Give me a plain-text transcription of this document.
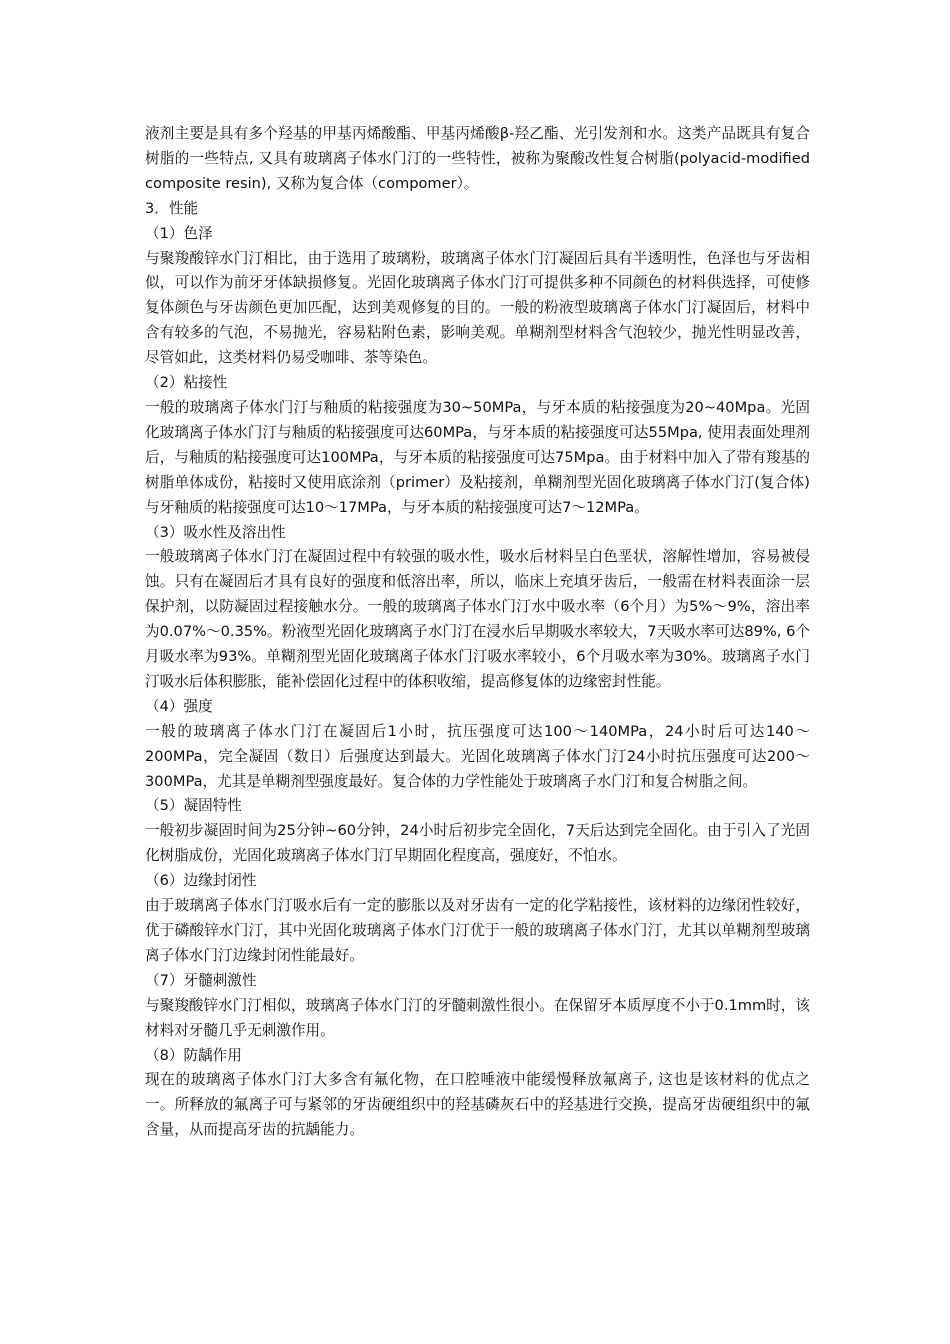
液剂主要是具有多个羟基的甲基丙烯酸酯、甲基丙烯酸β-羟乙酯、光引发剂和水。这类产品既具有复合树脂的一些特点, 又具有玻璃离子体水门汀的一些特性，被称为聚酸改性复合树脂(polyacid-modified composite resin), 又称为复合体（compomer）。

3．性能

（1）色泽

与聚羧酸锌水门汀相比，由于选用了玻璃粉，玻璃离子体水门汀凝固后具有半透明性，色泽也与牙齿相似，可以作为前牙牙体缺损修复。光固化玻璃离子体水门汀可提供多种不同颜色的材料供选择，可使修复体颜色与牙齿颜色更加匹配，达到美观修复的目的。一般的粉液型玻璃离子体水门汀凝固后，材料中含有较多的气泡，不易抛光，容易粘附色素，影响美观。单糊剂型材料含气泡较少，抛光性明显改善，尽管如此，这类材料仍易受咖啡、茶等染色。

（2）粘接性

一般的玻璃离子体水门汀与釉质的粘接强度为30~50MPa，与牙本质的粘接强度为20~40Mpa。光固化玻璃离子体水门汀与釉质的粘接强度可达60MPa，与牙本质的粘接强度可达55Mpa, 使用表面处理剂后，与釉质的粘接强度可达100MPa，与牙本质的粘接强度可达75Mpa。由于材料中加入了带有羧基的树脂单体成份，粘接时又使用底涂剂（primer）及粘接剂，单糊剂型光固化玻璃离子体水门汀(复合体)与牙釉质的粘接强度可达10～17MPa，与牙本质的粘接强度可达7～12MPa。

（3）吸水性及溶出性

一般玻璃离子体水门汀在凝固过程中有较强的吸水性，吸水后材料呈白色垩状，溶解性增加，容易被侵蚀。只有在凝固后才具有良好的强度和低溶出率，所以，临床上充填牙齿后，一般需在材料表面涂一层保护剂，以防凝固过程接触水分。一般的玻璃离子体水门汀水中吸水率（6个月）为5%～9%，溶出率为0.07%～0.35%。粉液型光固化玻璃离子水门汀在浸水后早期吸水率较大，7天吸水率可达89%, 6个月吸水率为93%。单糊剂型光固化玻璃离子体水门汀吸水率较小，6个月吸水率为30%。玻璃离子水门汀吸水后体积膨胀，能补偿固化过程中的体积收缩，提高修复体的边缘密封性能。

（4）强度

一般的玻璃离子体水门汀在凝固后1小时，抗压强度可达100～140MPa，24小时后可达140～200MPa，完全凝固（数日）后强度达到最大。光固化玻璃离子体水门汀24小时抗压强度可达200～300MPa，尤其是单糊剂型强度最好。复合体的力学性能处于玻璃离子水门汀和复合树脂之间。

（5）凝固特性

一般初步凝固时间为25分钟~60分钟，24小时后初步完全固化，7天后达到完全固化。由于引入了光固化树脂成份，光固化玻璃离子体水门汀早期固化程度高，强度好，不怕水。

（6）边缘封闭性

由于玻璃离子体水门汀吸水后有一定的膨胀以及对牙齿有一定的化学粘接性，该材料的边缘闭性较好，优于磷酸锌水门汀，其中光固化玻璃离子体水门汀优于一般的玻璃离子体水门汀，尤其以单糊剂型玻璃离子体水门汀边缘封闭性能最好。

（7）牙髓刺激性

与聚羧酸锌水门汀相似，玻璃离子体水门汀的牙髓刺激性很小。在保留牙本质厚度不小于0.1mm时，该材料对牙髓几乎无刺激作用。

（8）防龋作用

现在的玻璃离子体水门汀大多含有氟化物，在口腔唾液中能缓慢释放氟离子, 这也是该材料的优点之一。所释放的氟离子可与紧邻的牙齿硬组织中的羟基磷灰石中的羟基进行交换，提高牙齿硬组织中的氟含量，从而提高牙齿的抗龋能力。
